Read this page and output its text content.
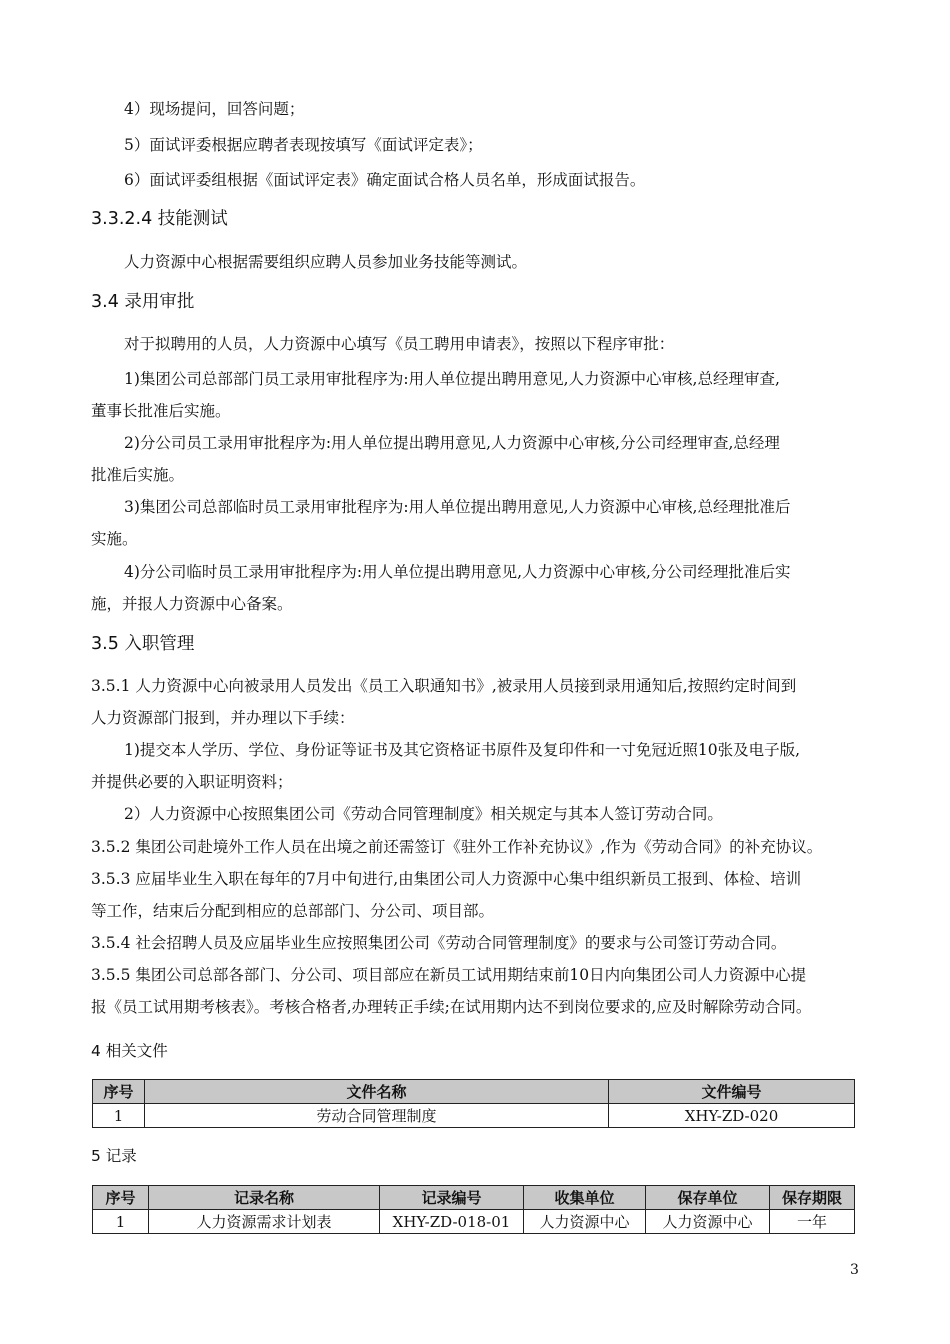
4）现场提问，回答问题；
5）面试评委根据应聘者表现按填写《面试评定表》；
6）面试评委组根据《面试评定表》确定面试合格人员名单，形成面试报告。
3.3.2.4 技能测试
人力资源中心根据需要组织应聘人员参加业务技能等测试。
3.4 录用审批
对于拟聘用的人员，人力资源中心填写《员工聘用申请表》，按照以下程序审批：
1)集团公司总部部门员工录用审批程序为:用人单位提出聘用意见,人力资源中心审核,总经理审查,
董事长批准后实施。
2)分公司员工录用审批程序为:用人单位提出聘用意见,人力资源中心审核,分公司经理审查,总经理
批准后实施。
3)集团公司总部临时员工录用审批程序为:用人单位提出聘用意见,人力资源中心审核,总经理批准后
实施。
4)分公司临时员工录用审批程序为:用人单位提出聘用意见,人力资源中心审核,分公司经理批准后实
施，并报人力资源中心备案。
3.5 入职管理
3.5.1 人力资源中心向被录用人员发出《员工入职通知书》,被录用人员接到录用通知后,按照约定时间到
人力资源部门报到，并办理以下手续：
1)提交本人学历、学位、身份证等证书及其它资格证书原件及复印件和一寸免冠近照10张及电子版,
并提供必要的入职证明资料；
2）人力资源中心按照集团公司《劳动合同管理制度》相关规定与其本人签订劳动合同。
3.5.2 集团公司赴境外工作人员在出境之前还需签订《驻外工作补充协议》,作为《劳动合同》的补充协议。
3.5.3 应届毕业生入职在每年的7月中旬进行,由集团公司人力资源中心集中组织新员工报到、体检、培训
等工作，结束后分配到相应的总部部门、分公司、项目部。
3.5.4 社会招聘人员及应届毕业生应按照集团公司《劳动合同管理制度》的要求与公司签订劳动合同。
3.5.5 集团公司总部各部门、分公司、项目部应在新员工试用期结束前10日内向集团公司人力资源中心提
报《员工试用期考核表》。考核合格者,办理转正手续;在试用期内达不到岗位要求的,应及时解除劳动合同。
4 相关文件
序号	文件名称	文件编号
1	劳动合同管理制度	XHY-ZD-020
5 记录
序号	记录名称	记录编号	收集单位	保存单位	保存期限
1	人力资源需求计划表	XHY-ZD-018-01	人力资源中心	人力资源中心	一年
3
